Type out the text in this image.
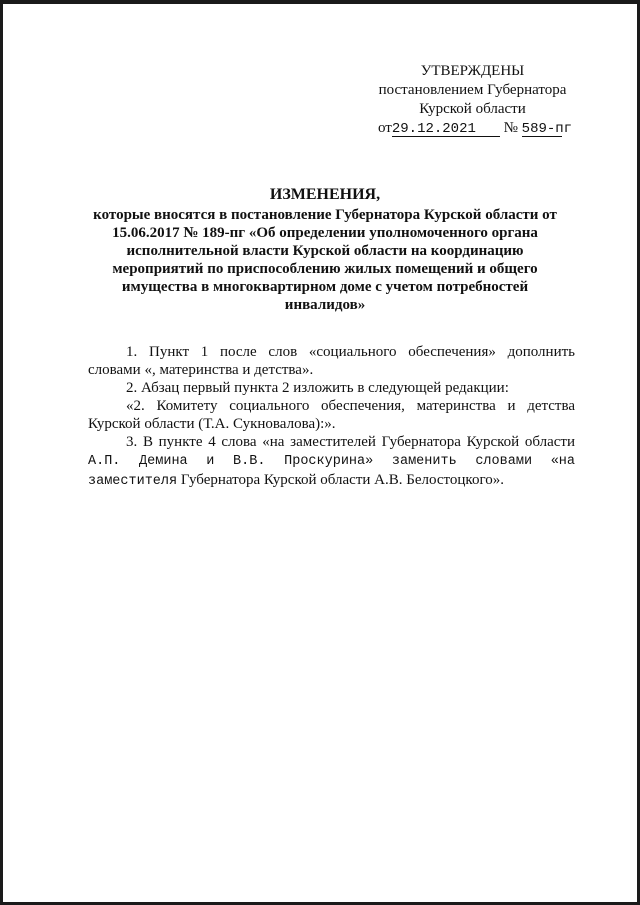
УТВЕРЖДЕНЫ
постановлением Губернатора
Курской области
от29.12.2021 № 589-пг
ИЗМЕНЕНИЯ,
которые вносятся в постановление Губернатора Курской области от
15.06.2017 № 189-пг «Об определении уполномоченного органа
исполнительной власти Курской области на координацию
мероприятий по приспособлению жилых помещений и общего
имущества в многоквартирном доме с учетом потребностей
инвалидов»

1. Пункт 1 после слов «социального обеспечения» дополнить словами «, материнства и детства».

2. Абзац первый пункта 2 изложить в следующей редакции:

«2. Комитету социального обеспечения, материнства и детства Курской области (Т.А. Сукновалова):».

3. В пункте 4 слова «на заместителей Губернатора Курской области А.П. Демина и В.В. Проскурина» заменить словами «на заместителя Губернатора Курской области А.В. Белостоцкого».
